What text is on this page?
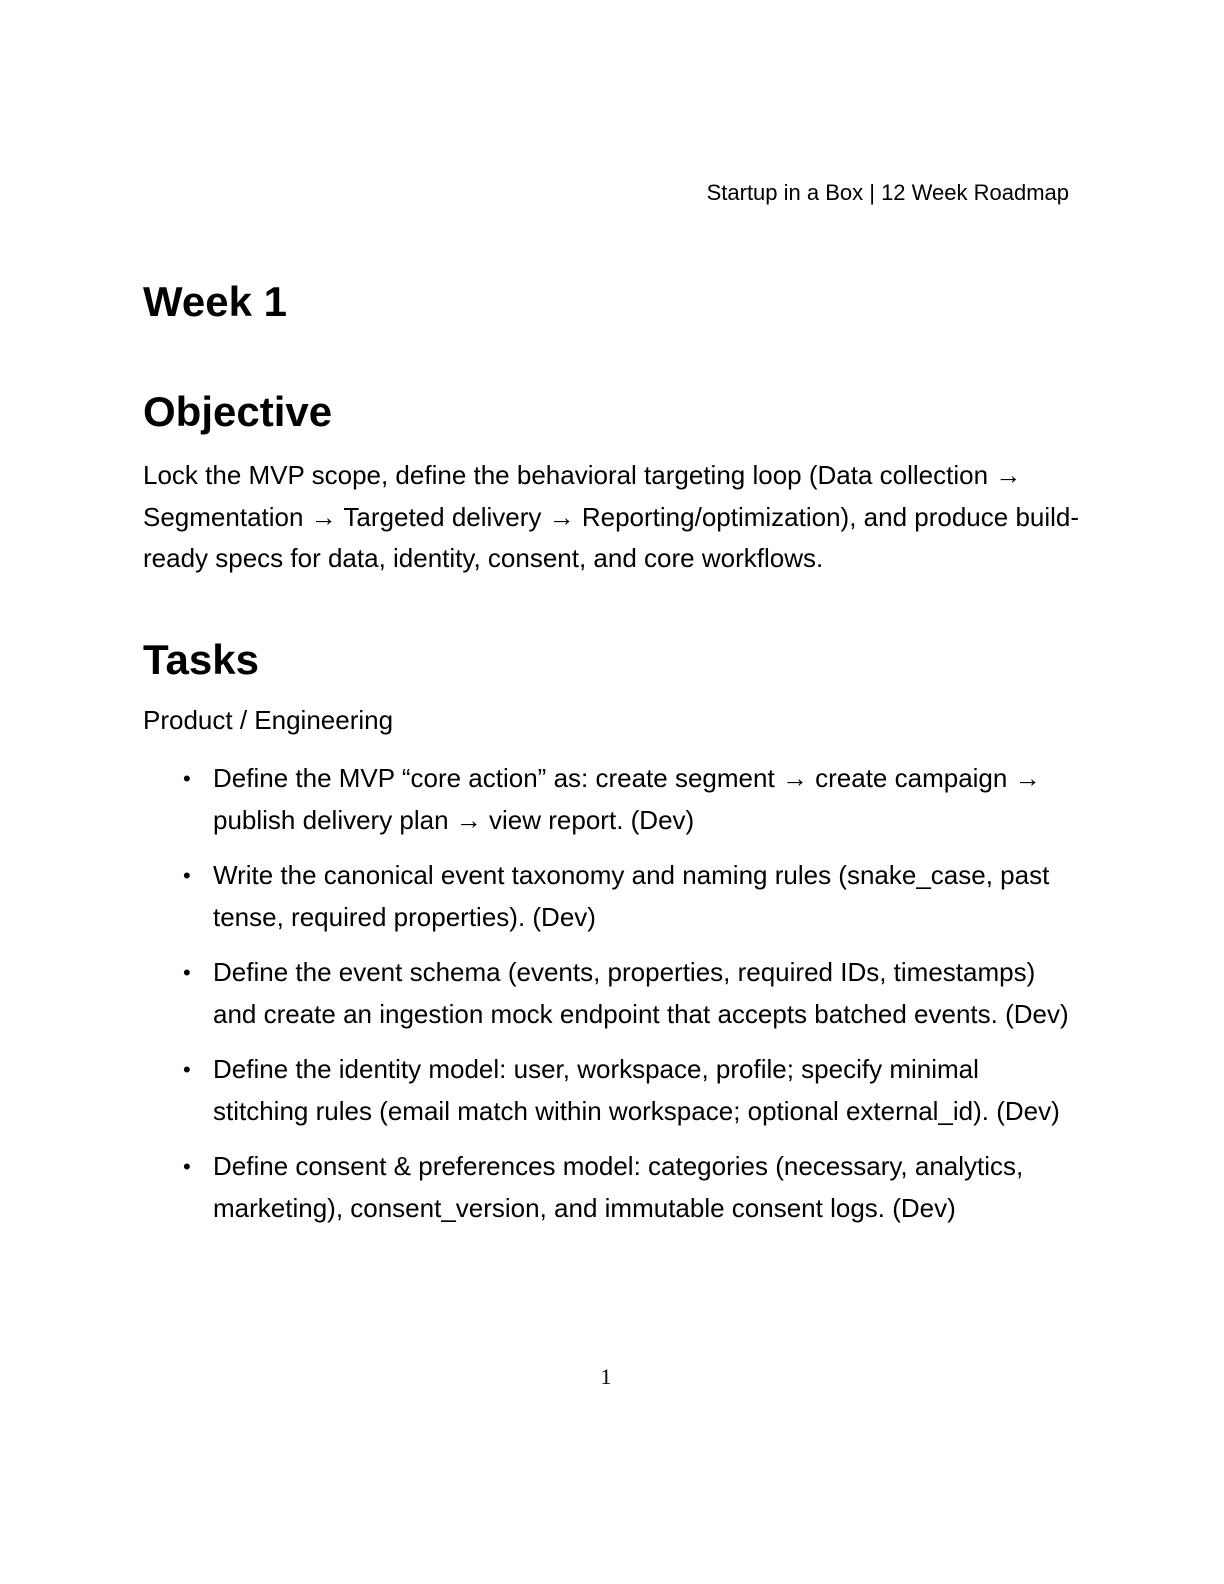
Startup in a Box | 12 Week Roadmap
Week 1
Objective

Lock the MVP scope, define the behavioral targeting loop (Data collection → Segmentation → Targeted delivery → Reporting/optimization), and produce build-ready specs for data, identity, consent, and core workflows.

Tasks

Product / Engineering

• Define the MVP “core action” as: create segment → create campaign → publish delivery plan → view report. (Dev)
• Write the canonical event taxonomy and naming rules (snake_case, past tense, required properties). (Dev)
• Define the event schema (events, properties, required IDs, timestamps) and create an ingestion mock endpoint that accepts batched events. (Dev)
• Define the identity model: user, workspace, profile; specify minimal stitching rules (email match within workspace; optional external_id). (Dev)
• Define consent & preferences model: categories (necessary, analytics, marketing), consent_version, and immutable consent logs. (Dev)
1
